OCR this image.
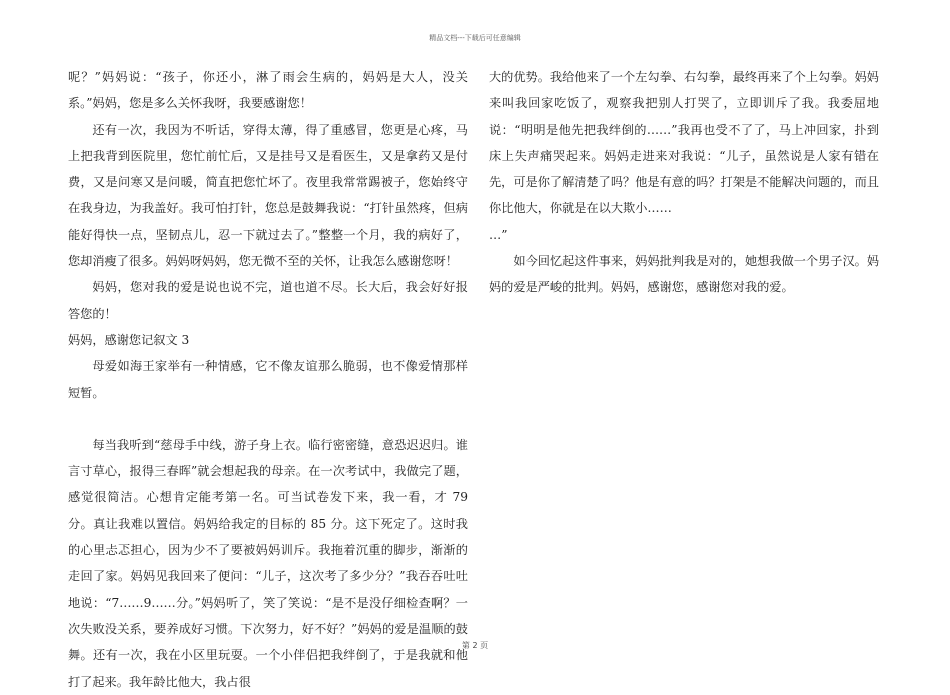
精品文档---下载后可任意编辑

呢？”妈妈说：“孩子，你还小，淋了雨会生病的，妈妈是大人，没关系。”妈妈，您是多么关怀我呀，我要感谢您！

还有一次，我因为不听话，穿得太薄，得了重感冒，您更是心疼，马上把我背到医院里，您忙前忙后，又是挂号又是看医生，又是拿药又是付费，又是问寒又是问暖，简直把您忙坏了。夜里我常常踢被子，您始终守在我身边，为我盖好。我可怕打针，您总是鼓舞我说：“打针虽然疼，但病能好得快一点，坚韧点儿，忍一下就过去了。”整整一个月，我的病好了，您却消瘦了很多。妈妈呀妈妈，您无微不至的关怀，让我怎么感谢您呀！

妈妈，您对我的爱是说也说不完，道也道不尽。长大后，我会好好报答您的！

妈妈，感谢您记叙文 3

母爱如海王家举有一种情感，它不像友谊那么脆弱，也不像爱情那样短暂。

每当我听到“慈母手中线，游子身上衣。临行密密缝，意恐迟迟归。谁言寸草心，报得三春晖”就会想起我的母亲。在一次考试中，我做完了题，感觉很简洁。心想肯定能考第一名。可当试卷发下来，我一看，才 79 分。真让我难以置信。妈妈给我定的目标的 85 分。这下死定了。这时我的心里忐忑担心，因为少不了要被妈妈训斥。我拖着沉重的脚步，渐渐的走回了家。妈妈见我回来了便问：“儿子，这次考了多少分？”我吞吞吐吐地说：“7……9……分。”妈妈听了，笑了笑说：“是不是没仔细检查啊？一次失败没关系，要养成好习惯。下次努力，好不好？”妈妈的爱是温顺的鼓舞。还有一次，我在小区里玩耍。一个小伴侣把我绊倒了，于是我就和他打了起来。我年龄比他大，我占很

大的优势。我给他来了一个左勾拳、右勾拳，最终再来了个上勾拳。妈妈来叫我回家吃饭了，观察我把别人打哭了，立即训斥了我。我委屈地说：“明明是他先把我绊倒的……”我再也受不了了，马上冲回家，扑到床上失声痛哭起来。妈妈走进来对我说：“儿子，虽然说是人家有错在先，可是你了解清楚了吗？他是有意的吗？打架是不能解决问题的，而且你比他大，你就是在以大欺小……

…”

如今回忆起这件事来，妈妈批判我是对的，她想我做一个男子汉。妈妈的爱是严峻的批判。妈妈，感谢您，感谢您对我的爱。

第 2 页
